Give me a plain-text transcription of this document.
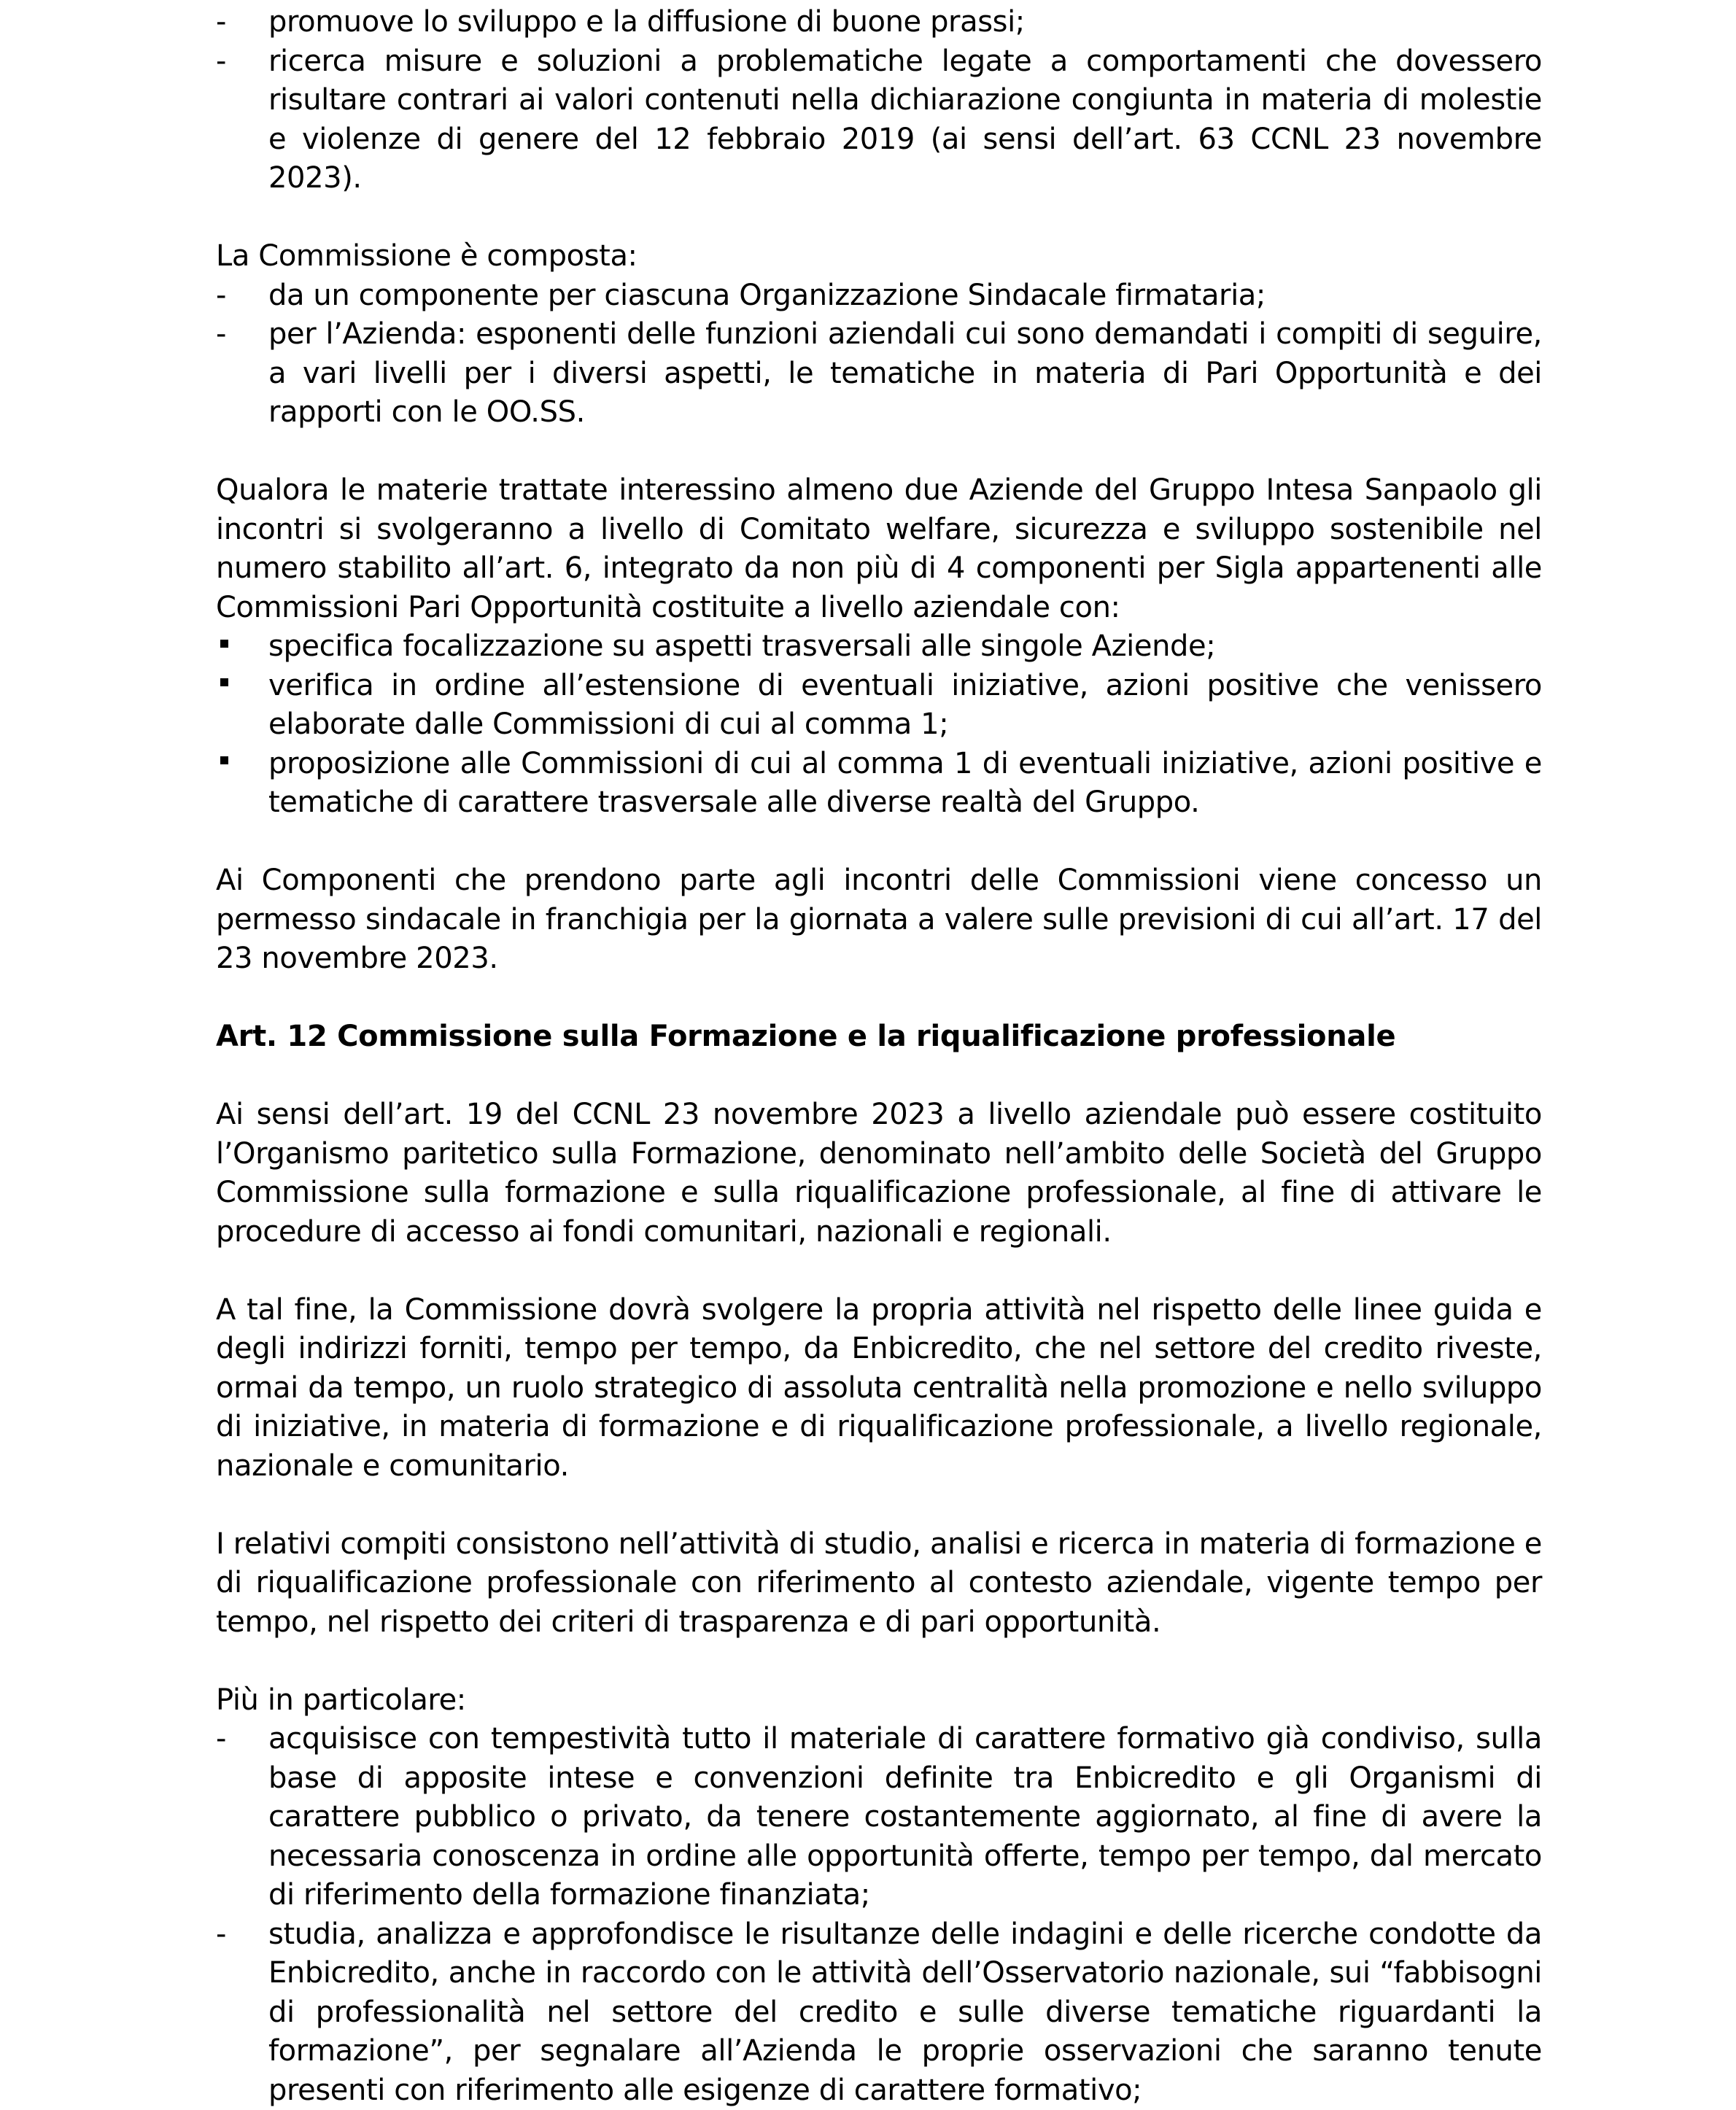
-	promuove lo sviluppo e la diffusione di buone prassi;
-	ricerca misure e soluzioni a problematiche legate a comportamenti che dovessero risultare contrari ai valori contenuti nella dichiarazione congiunta in materia di molestie e violenze di genere del 12 febbraio 2019 (ai sensi dell’art. 63 CCNL 23 novembre 2023).
La Commissione è composta:
-	da un componente per ciascuna Organizzazione Sindacale firmataria;
-	per l’Azienda: esponenti delle funzioni aziendali cui sono demandati i compiti di seguire, a vari livelli per i diversi aspetti, le tematiche in materia di Pari Opportunità e dei rapporti con le OO.SS.
Qualora le materie trattate interessino almeno due Aziende del Gruppo Intesa Sanpaolo gli incontri si svolgeranno a livello di Comitato welfare, sicurezza e sviluppo sostenibile nel numero stabilito all’art. 6, integrato da non più di 4 componenti per Sigla appartenenti alle Commissioni Pari Opportunità costituite a livello aziendale con:
specifica focalizzazione su aspetti trasversali alle singole Aziende;
verifica in ordine all’estensione di eventuali iniziative, azioni positive che venissero elaborate dalle Commissioni di cui al comma 1;
proposizione alle Commissioni di cui al comma 1 di eventuali iniziative, azioni positive e tematiche di carattere trasversale alle diverse realtà del Gruppo.

Ai Componenti che prendono parte agli incontri delle Commissioni viene concesso un permesso sindacale in franchigia per la giornata a valere sulle previsioni di cui all’art. 17 del 23 novembre 2023.

Art. 12 Commissione sulla Formazione e la riqualificazione professionale

Ai sensi dell’art. 19 del CCNL 23 novembre 2023 a livello aziendale può essere costituito l’Organismo paritetico sulla Formazione, denominato nell’ambito delle Società del Gruppo Commissione sulla formazione e sulla riqualificazione professionale, al fine di attivare le procedure di accesso ai fondi comunitari, nazionali e regionali.

A tal fine, la Commissione dovrà svolgere la propria attività nel rispetto delle linee guida e degli indirizzi forniti, tempo per tempo, da Enbicredito, che nel settore del credito riveste, ormai da tempo, un ruolo strategico di assoluta centralità nella promozione e nello sviluppo di iniziative, in materia di formazione e di riqualificazione professionale, a livello regionale, nazionale e comunitario.

I relativi compiti consistono nell’attività di studio, analisi e ricerca in materia di formazione e di riqualificazione professionale con riferimento al contesto aziendale, vigente tempo per tempo, nel rispetto dei criteri di trasparenza e di pari opportunità.

Più in particolare:
-	acquisisce con tempestività tutto il materiale di carattere formativo già condiviso, sulla base di apposite intese e convenzioni definite tra Enbicredito e gli Organismi di carattere pubblico o privato, da tenere costantemente aggiornato, al fine di avere la necessaria conoscenza in ordine alle opportunità offerte, tempo per tempo, dal mercato di riferimento della formazione finanziata;
-	studia, analizza e approfondisce le risultanze delle indagini e delle ricerche condotte da Enbicredito, anche in raccordo con le attività dell’Osservatorio nazionale, sui “fabbisogni di professionalità nel settore del credito e sulle diverse tematiche riguardanti la formazione”, per segnalare all’Azienda le proprie osservazioni che saranno tenute presenti con riferimento alle esigenze di carattere formativo;
